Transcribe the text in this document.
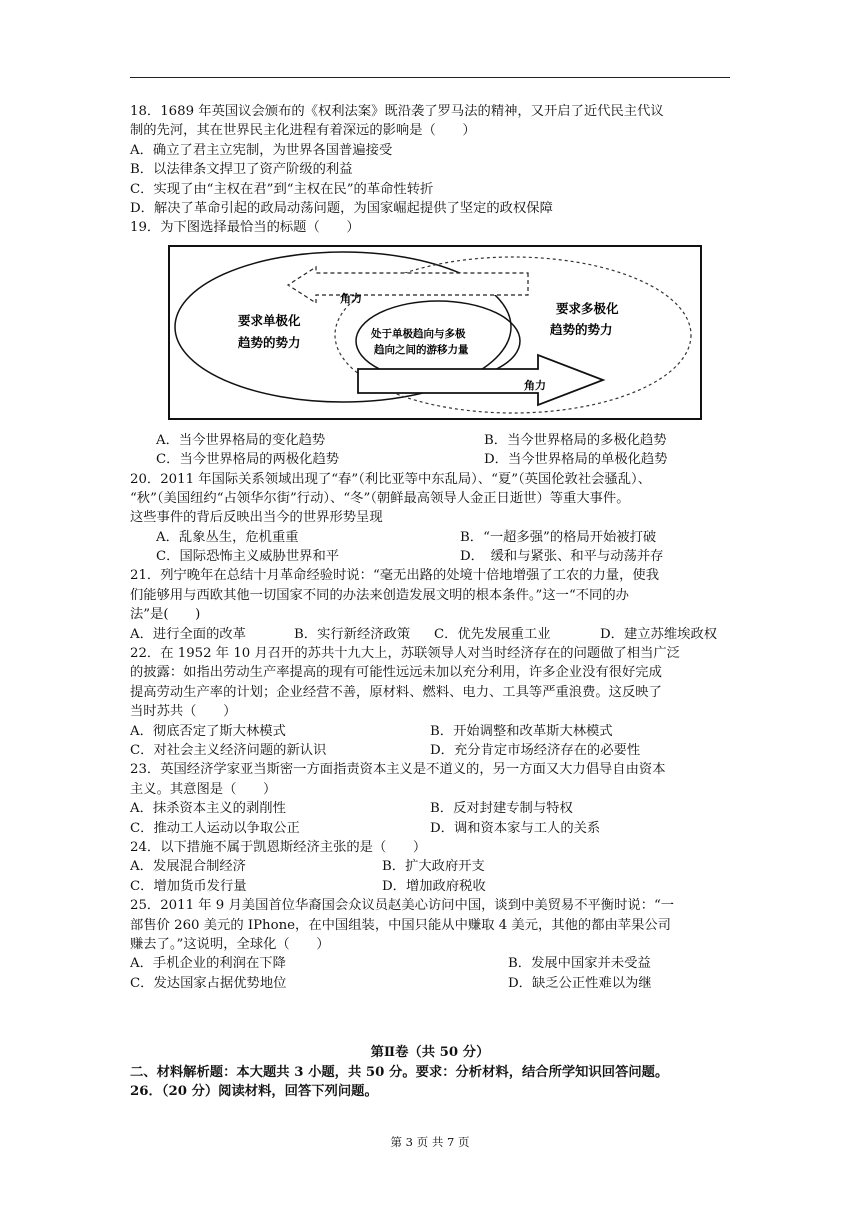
18．1689 年英国议会颁布的《权利法案》既沿袭了罗马法的精神，又开启了近代民主代议
制的先河，其在世界民主化进程有着深远的影响是（　　）
A．确立了君主立宪制，为世界各国普遍接受
B．以法律条文捍卫了资产阶级的利益
C．实现了由“主权在君”到“主权在民”的革命性转折
D．解决了革命引起的政局动荡问题，为国家崛起提供了坚定的政权保障
19．为下图选择最恰当的标题（　　）
A．当今世界格局的变化趋势	B．当今世界格局的多极化趋势
C．当今世界格局的两极化趋势	D．当今世界格局的单极化趋势
20．2011 年国际关系领域出现了“春”（利比亚等中东乱局）、“夏”（英国伦敦社会骚乱）、
“秋”（美国纽约“占领华尔街”行动）、“冬”（朝鲜最高领导人金正日逝世）等重大事件。
这些事件的背后反映出当今的世界形势呈现
A．乱象丛生，危机重重	B．“一超多强”的格局开始被打破
C．国际恐怖主义威胁世界和平	D．　缓和与紧张、和平与动荡并存
21．列宁晚年在总结十月革命经验时说：“毫无出路的处境十倍地增强了工农的力量，使我
们能够用与西欧其他一切国家不同的办法来创造发展文明的根本条件。”这一“不同的办
法”是(　　)
A．进行全面的改革	B．实行新经济政策	C．优先发展重工业	D．建立苏维埃政权
22．在 1952 年 10 月召开的苏共十九大上，苏联领导人对当时经济存在的问题做了相当广泛
的披露：如指出劳动生产率提高的现有可能性远远未加以充分利用，许多企业没有很好完成
提高劳动生产率的计划；企业经营不善，原材料、燃料、电力、工具等严重浪费。这反映了
当时苏共（　　）
A．彻底否定了斯大林模式	B．开始调整和改革斯大林模式
C．对社会主义经济问题的新认识	D．充分肯定市场经济存在的必要性
23．英国经济学家亚当斯密一方面指责资本主义是不道义的，另一方面又大力倡导自由资本
主义。其意图是（　　）
A．抹杀资本主义的剥削性	B．反对封建专制与特权
C．推动工人运动以争取公正	D．调和资本家与工人的关系
24．以下措施不属于凯恩斯经济主张的是（　　）
A．发展混合制经济	B．扩大政府开支
C．增加货币发行量	D．增加政府税收
25．2011 年 9 月美国首位华裔国会众议员赵美心访问中国，谈到中美贸易不平衡时说：“一
部售价 260 美元的 IPhone，在中国组装，中国只能从中赚取 4 美元，其他的都由苹果公司
赚去了。”这说明，全球化（　　）
A．手机企业的利润在下降	B．发展中国家并未受益
C．发达国家占据优势地位	D．缺乏公正性难以为继
要求单极化
趋势的势力
要求多极化
趋势的势力
处于单极趋向与多极
趋向之间的游移力量
角力
角力
第Ⅱ卷（共 50 分）
二、材料解析题：本大题共 3 小题，共 50 分。要求：分析材料，结合所学知识回答问题。
26．（20 分）阅读材料，回答下列问题。
第 3 页 共 7 页
